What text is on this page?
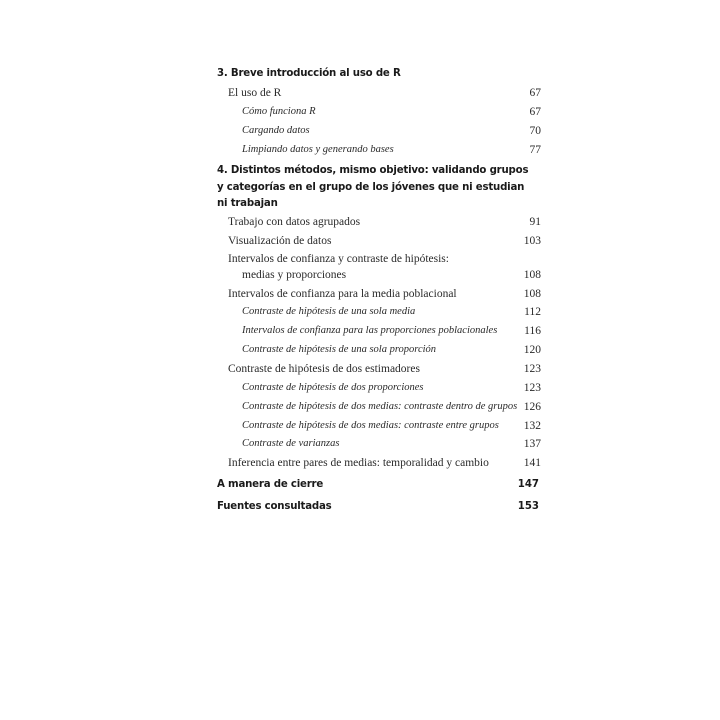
3. Breve introducción al uso de R
El uso de R	67
Cómo funciona R	67
Cargando datos	70
Limpiando datos y generando bases	77
4. Distintos métodos, mismo objetivo: validando grupos
y categorías en el grupo de los jóvenes que ni estudian
ni trabajan
Trabajo con datos agrupados	91
Visualización de datos	103
Intervalos de confianza y contraste de hipótesis:
medias y proporciones	108
Intervalos de confianza para la media poblacional	108
Contraste de hipótesis de una sola media	112
Intervalos de confianza para las proporciones poblacionales 116
Contraste de hipótesis de una sola proporción	120
Contraste de hipótesis de dos estimadores	123
Contraste de hipótesis de dos proporciones	123
Contraste de hipótesis de dos medias: contraste dentro de grupos 126
Contraste de hipótesis de dos medias: contraste entre grupos 132
Contraste de varianzas	137
Inferencia entre pares de medias: temporalidad y cambio	141
A manera de cierre	147
Fuentes consultadas	153
